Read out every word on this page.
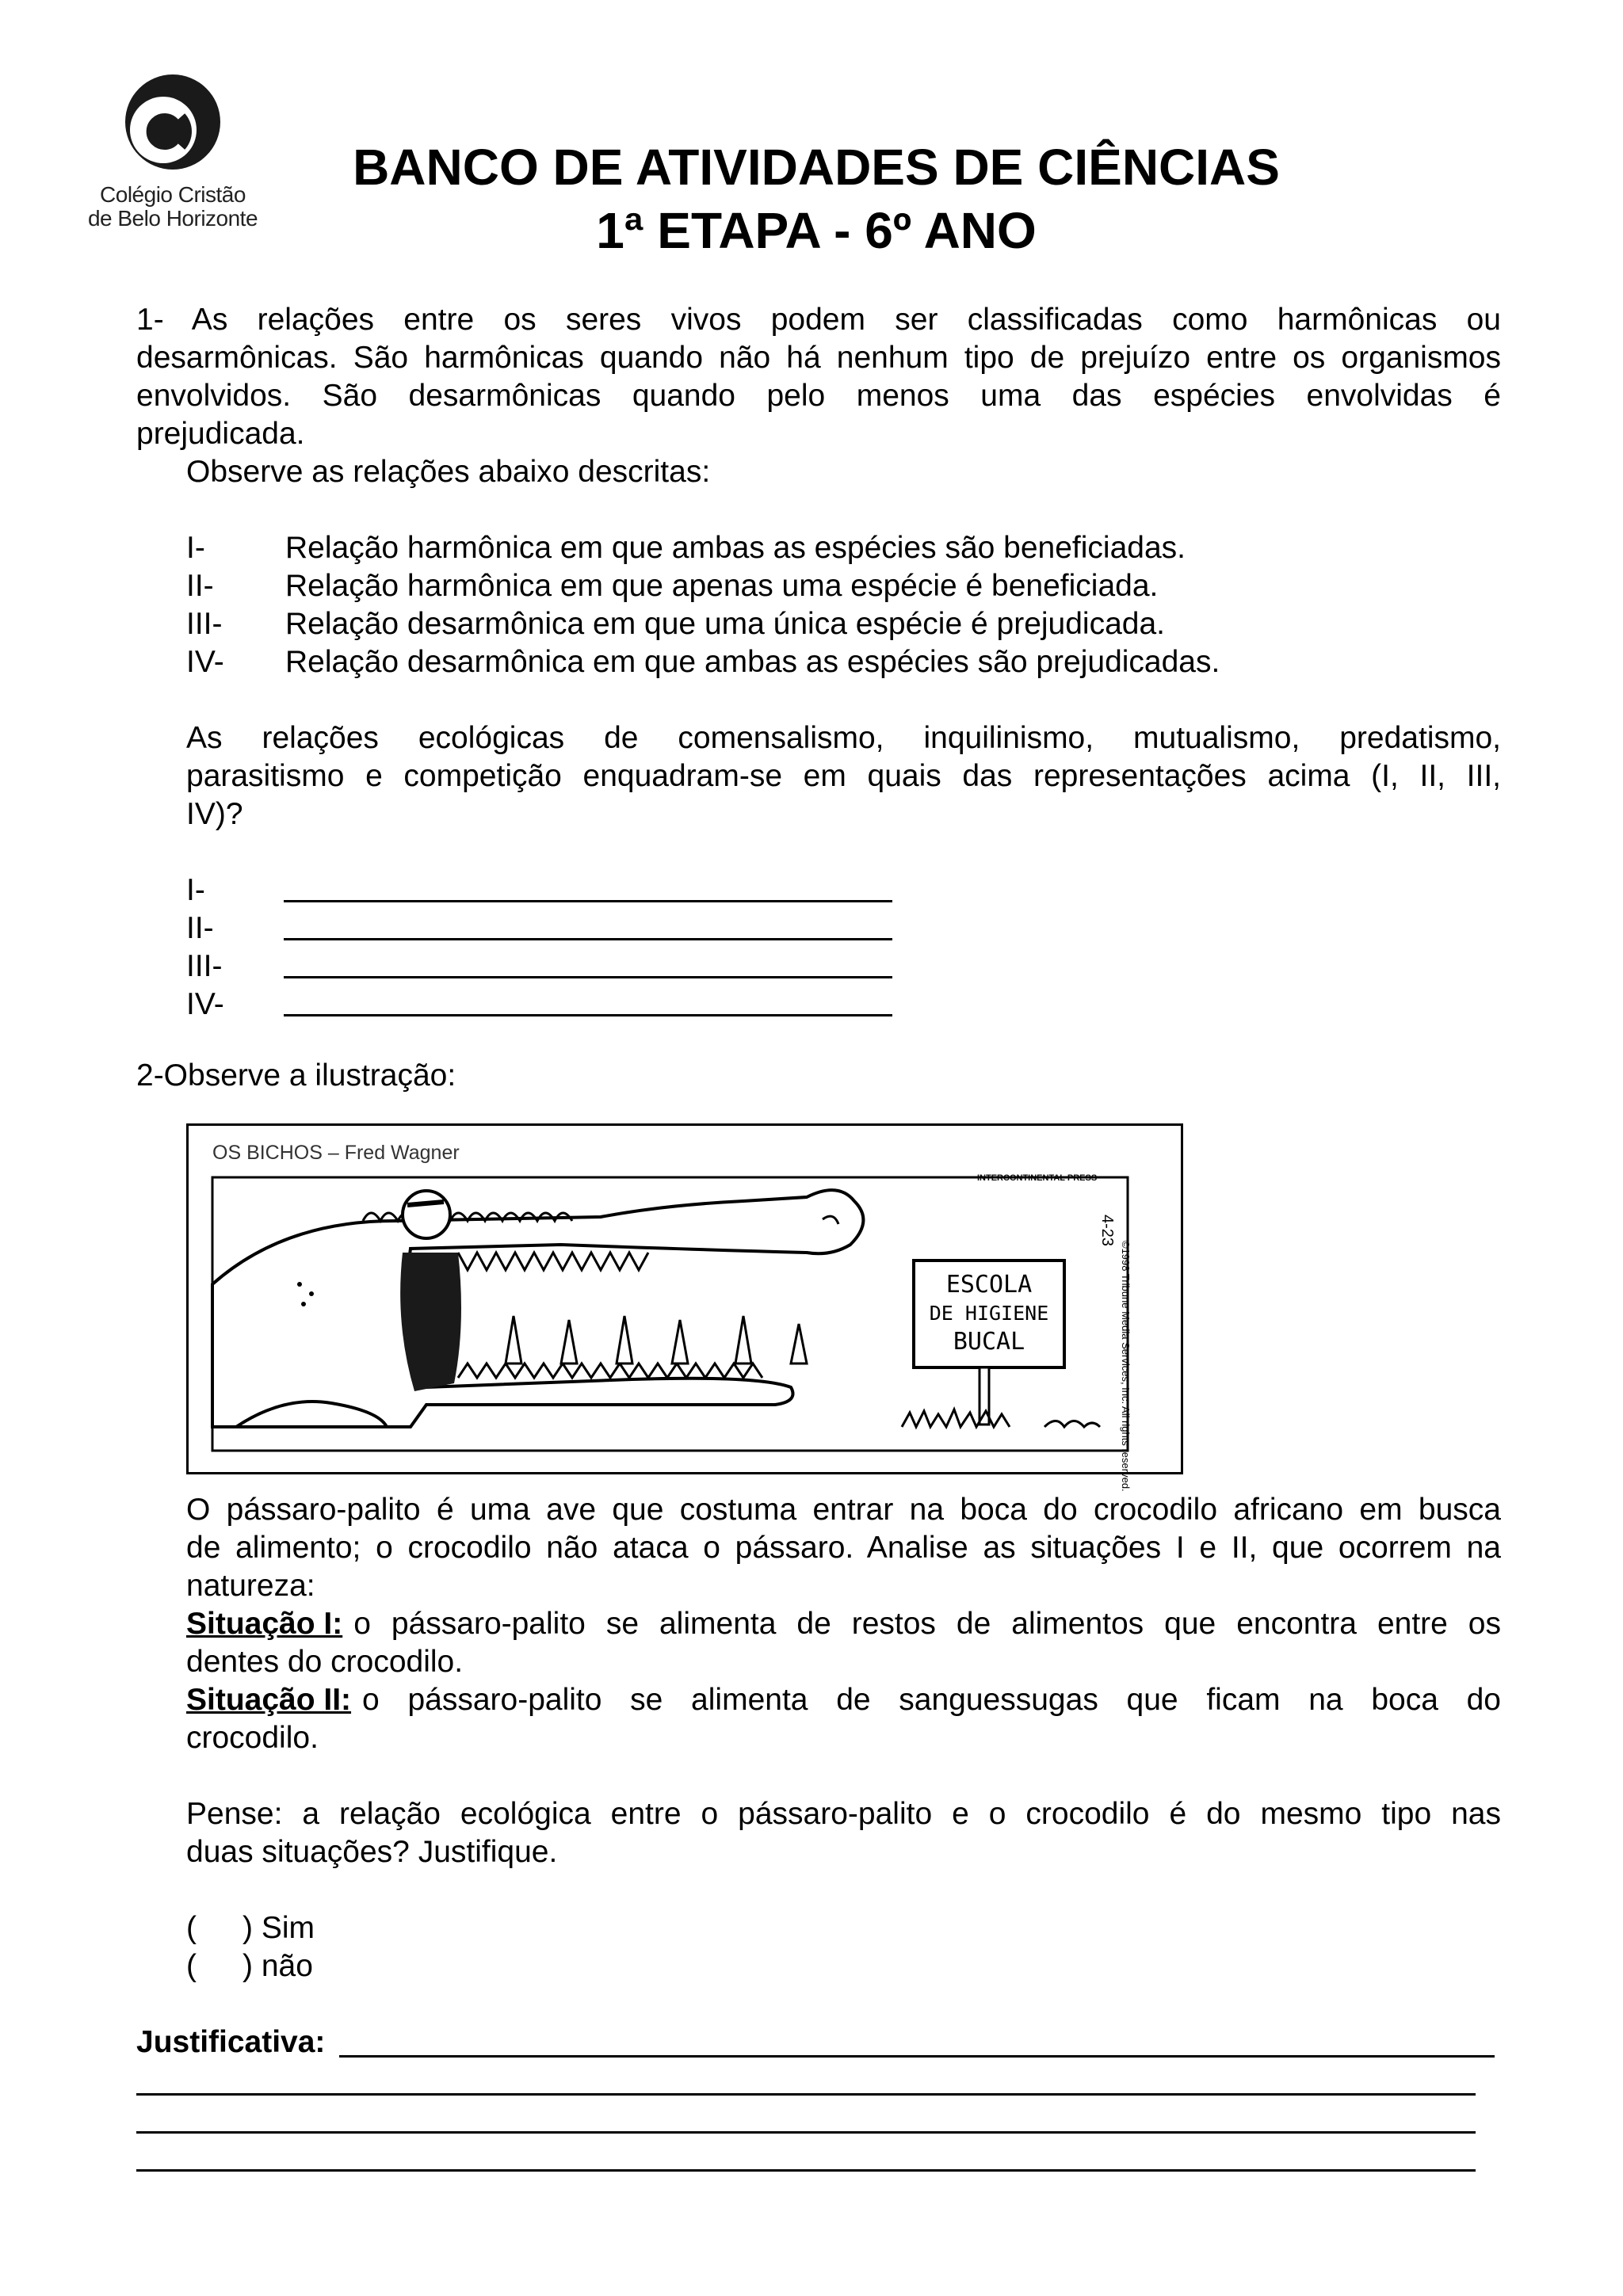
Colégio Cristão
de Belo Horizonte
BANCO DE ATIVIDADES DE CIÊNCIAS
1ª ETAPA - 6º ANO
1- As relações entre os seres vivos podem ser classificadas como harmônicas ou
desarmônicas. São harmônicas quando não há nenhum tipo de prejuízo entre os organismos
envolvidos. São desarmônicas quando pelo menos uma das espécies envolvidas é
prejudicada.
Observe as relações abaixo descritas:
I-	Relação harmônica em que ambas as espécies são beneficiadas.
II- Relação harmônica em que apenas uma espécie é beneficiada.
III- Relação desarmônica em que uma única espécie é prejudicada.
IV- Relação desarmônica em que ambas as espécies são prejudicadas.
As relações ecológicas de comensalismo, inquilinismo, mutualismo, predatismo,
parasitismo e competição enquadram-se em quais das representações acima (I, II, III,
IV)?
I-
II-
III-
IV-
2-Observe a ilustração:
OS BICHOS – Fred Wagner
INTERCONTINENTAL PRESS
4-23
©1998 Tribune Media Services, Inc. All rights reserved.
ESCOLA
DE HIGIENE
BUCAL
O pássaro-palito é uma ave que costuma entrar na boca do crocodilo africano em busca
de alimento; o crocodilo não ataca o pássaro. Analise as situações I e II, que ocorrem na
natureza:
Situação I: o pássaro-palito se alimenta de restos de alimentos que encontra entre os
dentes do crocodilo.
Situação II: o pássaro-palito se alimenta de sanguessugas que ficam na boca do
crocodilo.
Pense: a relação ecológica entre o pássaro-palito e o crocodilo é do mesmo tipo nas
duas situações? Justifique.
( ) Sim
( ) não
Justificativa:
